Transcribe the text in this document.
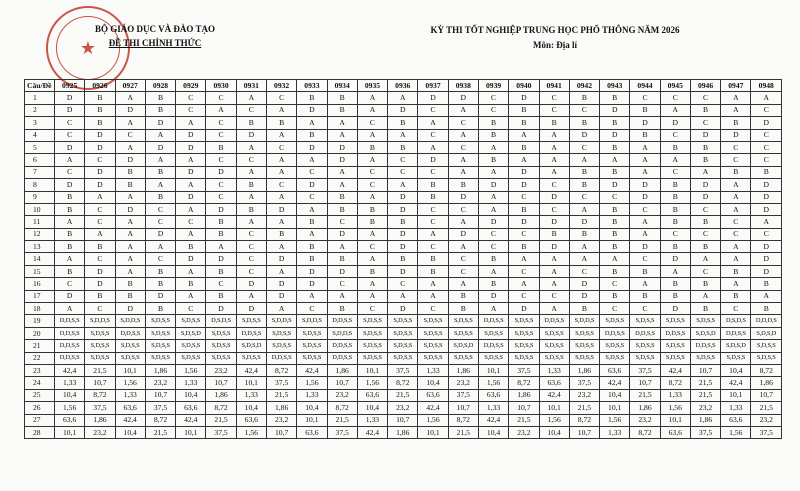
★
BỘ GIÁO DỤC VÀ ĐÀO TẠO
ĐỀ THI CHÍNH THỨC
KỲ THI TỐT NGHIỆP TRUNG HỌC PHỔ THÔNG NĂM 2026
Môn: Địa lí
Câu/Đề	0925	0926	0927	0928	0929	0930	0931	0932	0933	0934	0935	0936	0937	0938	0939	0940	0941	0942	0943	0944	0945	0946	0947	0948
1	D	B	A	B	C	C	A	C	B	B	A	A	D	D	C	D	C	B	B	C	C	C	A	A
2	D	B	D	B	C	A	C	A	D	B	A	D	C	A	C	B	C	C	D	B	A	B	A	C
3	C	B	A	D	A	C	B	B	A	A	C	B	A	C	B	B	B	B	B	D	D	C	B	D
4	C	D	C	A	D	C	D	A	B	A	A	A	C	A	B	A	A	D	D	B	C	D	D	C
5	D	D	A	D	D	B	A	C	D	D	B	B	A	C	A	B	A	C	B	A	B	B	C	C
6	A	C	D	A	A	C	C	A	A	D	A	C	D	A	B	A	A	A	A	A	A	B	C	C
7	C	D	B	B	D	D	A	A	C	A	C	C	C	A	A	D	A	B	B	A	C	A	B	B
8	D	D	B	A	A	C	B	C	D	A	C	A	B	B	D	D	C	B	D	D	B	D	A	D
9	B	A	A	B	D	C	A	A	C	B	A	D	B	D	A	C	D	C	C	D	B	D	A	D
10	B	C	D	C	A	D	B	D	A	B	B	D	C	C	A	B	C	A	B	C	B	C	A	D
11	A	C	A	C	C	B	A	A	B	C	B	B	C	A	D	D	D	D	B	A	B	B	C	A
12	B	A	A	D	A	B	C	B	A	D	A	D	A	D	C	C	B	B	B	A	C	C	C	C
13	B	B	A	A	B	A	C	A	B	A	C	D	C	A	C	B	D	A	B	D	B	B	A	D
14	A	C	A	C	D	D	C	D	B	B	A	B	B	C	B	A	A	A	A	C	D	A	A	D
15	B	D	A	B	A	B	C	A	D	D	B	D	B	C	A	C	A	C	B	B	A	C	B	D
16	C	D	B	B	B	C	D	D	D	C	A	C	A	A	B	A	A	D	C	A	B	B	A	B
17	D	B	B	D	A	B	A	D	A	A	A	A	A	B	D	C	C	D	B	B	B	A	B	A
18	A	C	D	B	C	D	D	A	C	B	C	D	C	B	A	D	A	B	C	C	D	B	C	B
19	D,D,S,S	S,D,D,S	S,D,D,S	S,D,S,S	S,D,S,S	D,S,D,S	S,D,S,S	S,D,D,S	S,D,D,S	D,D,S,S	S,D,S,S	S,D,S,S	S,D,S,S	S,D,S,S	D,D,S,S	S,D,S,S	D,D,S,S	S,D,D,S	S,D,S,S	S,D,S,S	S,D,S,S	S,D,S,S	D,S,D,S	D,D,D,S
20	D,D,S,S	S,D,S,S	D,D,S,S	S,D,S,S	S,D,S,D	S,D,S,S	D,D,S,S	S,D,S,S	S,D,S,S	S,D,D,S	S,D,S,S	S,D,S,S	S,D,S,S	S,D,S,S	S,D,S,S	S,D,S,S	S,D,S,S	S,D,S,S	D,D,S,S	D,D,S,S	D,D,S,S	S,D,S,D	D,D,S,S	S,D,S,D
21	D,D,S,S	S,D,S,S	S,D,S,S	S,D,S,S	S,D,S,S	S,D,S,S	S,D,S,D	S,D,S,S	S,D,S,S	D,D,S,S	S,D,S,S	S,D,S,S	S,D,S,S	S,D,S,D	D,D,S,S	S,D,S,S	S,D,S,S	S,D,S,S	S,D,S,S	S,D,S,S	S,D,S,S	D,D,S,S	S,D,S,D	S,D,S,S
22	D,D,S,S	S,D,S,S	S,D,S,S	S,D,S,S	S,D,S,S	S,D,S,S	S,D,S,S	D,D,S,S	S,D,S,S	D,D,S,S	S,D,S,S	S,D,S,S	S,D,S,S	S,D,S,S	S,D,S,S	S,D,S,S	S,D,S,S	S,D,S,S	S,D,S,S	S,D,S,S	S,D,S,S	S,D,S,S	S,D,S,S	S,D,S,S
23	42,4	21,5	10,1	1,86	1,56	23,2	42,4	8,72	42,4	1,86	10,1	37,5	1,33	1,86	10,1	37,5	1,33	1,86	63,6	37,5	42,4	10,7	10,4	8,72
24	1,33	10,7	1,56	23,2	1,33	10,7	10,1	37,5	1,56	10,7	1,56	8,72	10,4	23,2	1,56	8,72	63,6	37,5	42,4	10,7	8,72	21,5	42,4	1,86
25	10,4	8,72	1,33	10,7	10,4	1,86	1,33	21,5	1,33	23,2	63,6	21,5	63,6	37,5	63,6	1,86	42,4	23,2	10,4	21,5	1,33	21,5	10,1	10,7
26	1,56	37,5	63,6	37,5	63,6	8,72	10,4	1,86	10,4	8,72	10,4	23,2	42,4	10,7	1,33	10,7	10,1	21,5	10,1	1,86	1,56	23,2	1,33	21,5
27	63,6	1,86	42,4	8,72	42,4	21,5	63,6	23,2	10,1	21,5	1,33	10,7	1,56	8,72	42,4	21,5	1,56	8,72	1,56	23,2	10,1	1,86	63,6	23,2
28	10,1	23,2	10,4	21,5	10,1	37,5	1,56	10,7	63,6	37,5	42,4	1,86	10,1	21,5	10,4	23,2	10,4	10,7	1,33	8,72	63,6	37,5	1,56	37,5
